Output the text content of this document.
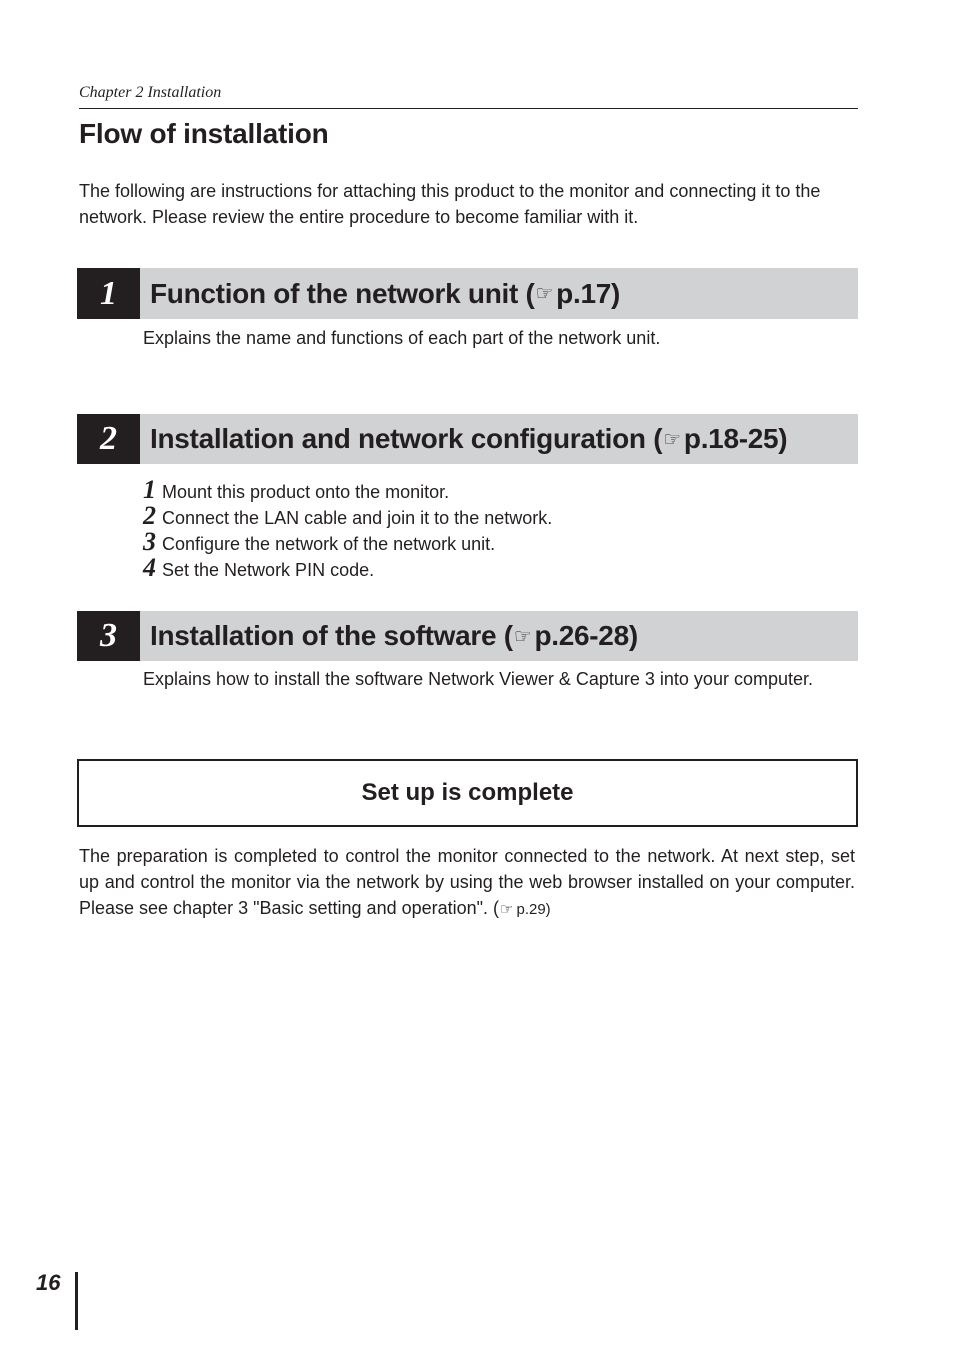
Chapter 2 Installation
Flow of installation

The following are instructions for attaching this product to the monitor and connecting it to the network. Please review the entire procedure to become familiar with it.

1	Function of the network unit ( ☞ p.17)

Explains the name and functions of each part of the network unit.

2	Installation and network configuration ( ☞ p.18-25)
1 Mount this product onto the monitor.
2 Connect the LAN cable and join it to the network.
3 Configure the network of the network unit.
4 Set the Network PIN code.
3	Installation of the software ( ☞ p.26-28)

Explains how to install the software Network Viewer & Capture 3 into your computer.

Set up is complete

The preparation is completed to control the monitor connected to the network. At next step, set up and control the monitor via the network by using the web browser installed on your computer. Please see chapter 3 "Basic setting and operation". (☞ p.29)

16
